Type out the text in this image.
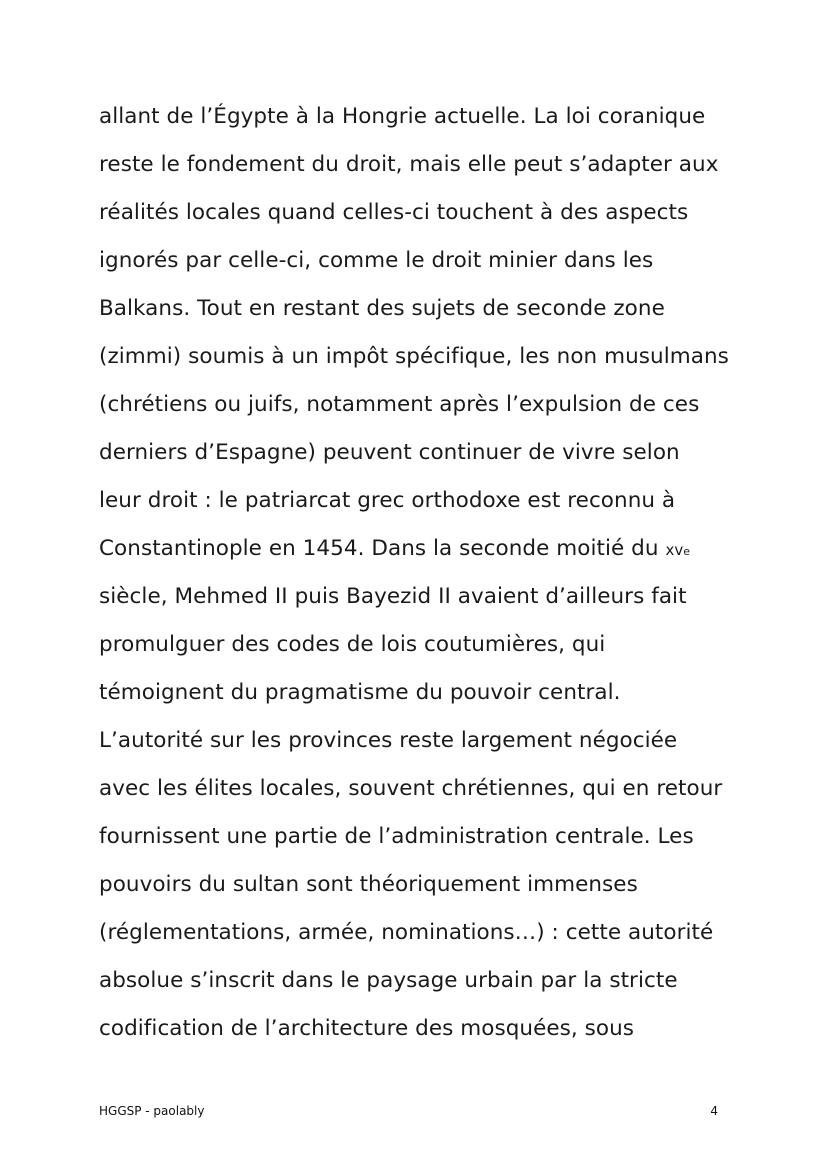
allant de l’Égypte à la Hongrie actuelle. La loi coranique
reste le fondement du droit, mais elle peut s’adapter aux
réalités locales quand celles-ci touchent à des aspects
ignorés par celle-ci, comme le droit minier dans les
Balkans. Tout en restant des sujets de seconde zone
(zimmi) soumis à un impôt spécifique, les non musulmans
(chrétiens ou juifs, notamment après l’expulsion de ces
derniers d’Espagne) peuvent continuer de vivre selon
leur droit : le patriarcat grec orthodoxe est reconnu à
Constantinople en 1454. Dans la seconde moitié du xve
siècle, Mehmed II puis Bayezid II avaient d’ailleurs fait
promulguer des codes de lois coutumières, qui
témoignent du pragmatisme du pouvoir central.
L’autorité sur les provinces reste largement négociée
avec les élites locales, souvent chrétiennes, qui en retour
fournissent une partie de l’administration centrale. Les
pouvoirs du sultan sont théoriquement immenses
(réglementations, armée, nominations…) : cette autorité
absolue s’inscrit dans le paysage urbain par la stricte
codification de l’architecture des mosquées, sous
HGGSP - paolably	4
